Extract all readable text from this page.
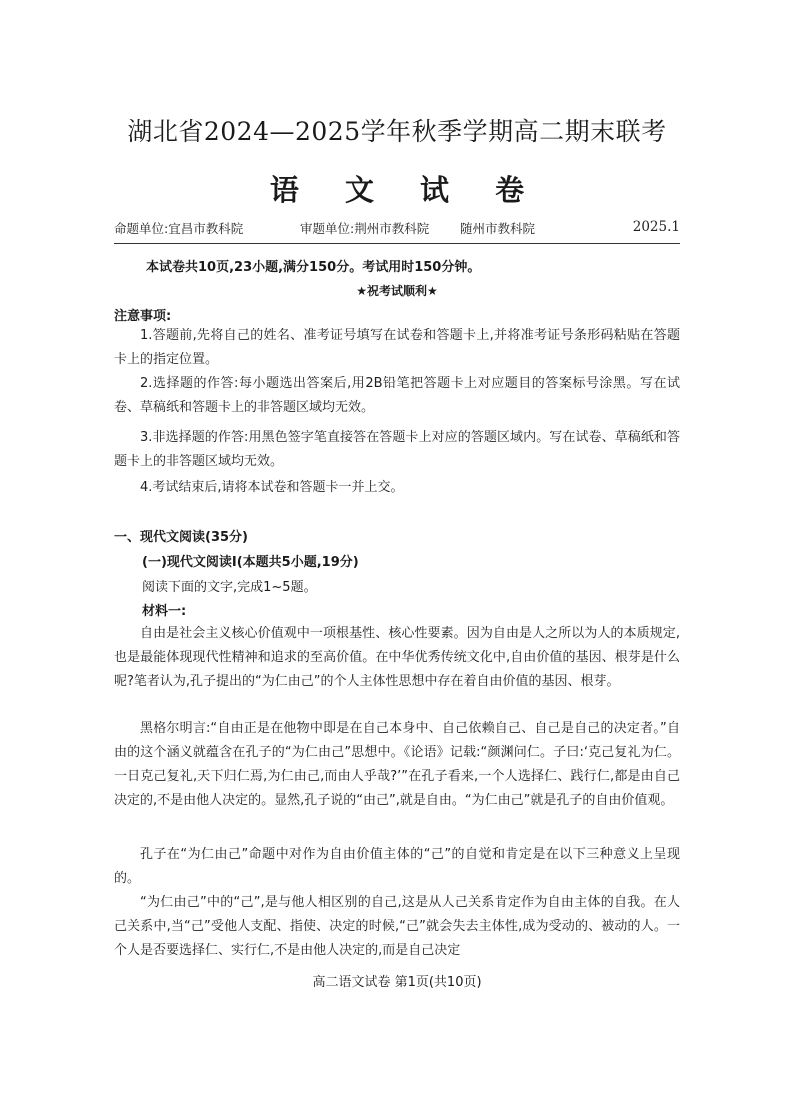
湖北省2024—2025学年秋季学期高二期末联考
语 文 试 卷
命题单位:宜昌市教科院	审题单位:荆州市教科院 随州市教科院	2025.1
本试卷共10页,23小题,满分150分。考试用时150分钟。
★祝考试顺利★
注意事项:
1.答题前,先将自己的姓名、准考证号填写在试卷和答题卡上,并将准考证号条形码粘贴在答题卡上的指定位置。
2.选择题的作答:每小题选出答案后,用2B铅笔把答题卡上对应题目的答案标号涂黑。写在试卷、草稿纸和答题卡上的非答题区域均无效。
3.非选择题的作答:用黑色签字笔直接答在答题卡上对应的答题区域内。写在试卷、草稿纸和答题卡上的非答题区域均无效。
4.考试结束后,请将本试卷和答题卡一并上交。
一、现代文阅读(35分)
(一)现代文阅读Ⅰ(本题共5小题,19分)
阅读下面的文字,完成1~5题。
材料一:
自由是社会主义核心价值观中一项根基性、核心性要素。因为自由是人之所以为人的本质规定,也是最能体现现代性精神和追求的至高价值。在中华优秀传统文化中,自由价值的基因、根芽是什么呢?笔者认为,孔子提出的“为仁由己”的个人主体性思想中存在着自由价值的基因、根芽。
黑格尔明言:“自由正是在他物中即是在自己本身中、自己依赖自己、自己是自己的决定者。”自由的这个涵义就蕴含在孔子的“为仁由己”思想中。《论语》记载:“颜渊问仁。子曰:‘克己复礼为仁。一日克己复礼,天下归仁焉,为仁由己,而由人乎哉?’”在孔子看来,一个人选择仁、践行仁,都是由自己决定的,不是由他人决定的。显然,孔子说的“由己”,就是自由。“为仁由己”就是孔子的自由价值观。
孔子在“为仁由己”命题中对作为自由价值主体的“己”的自觉和肯定是在以下三种意义上呈现的。
“为仁由己”中的“己”,是与他人相区别的自己,这是从人己关系肯定作为自由主体的自我。在人己关系中,当“己”受他人支配、指使、决定的时候,“己”就会失去主体性,成为受动的、被动的人。一个人是否要选择仁、实行仁,不是由他人决定的,而是自己决定
高二语文试卷 第1页(共10页)
